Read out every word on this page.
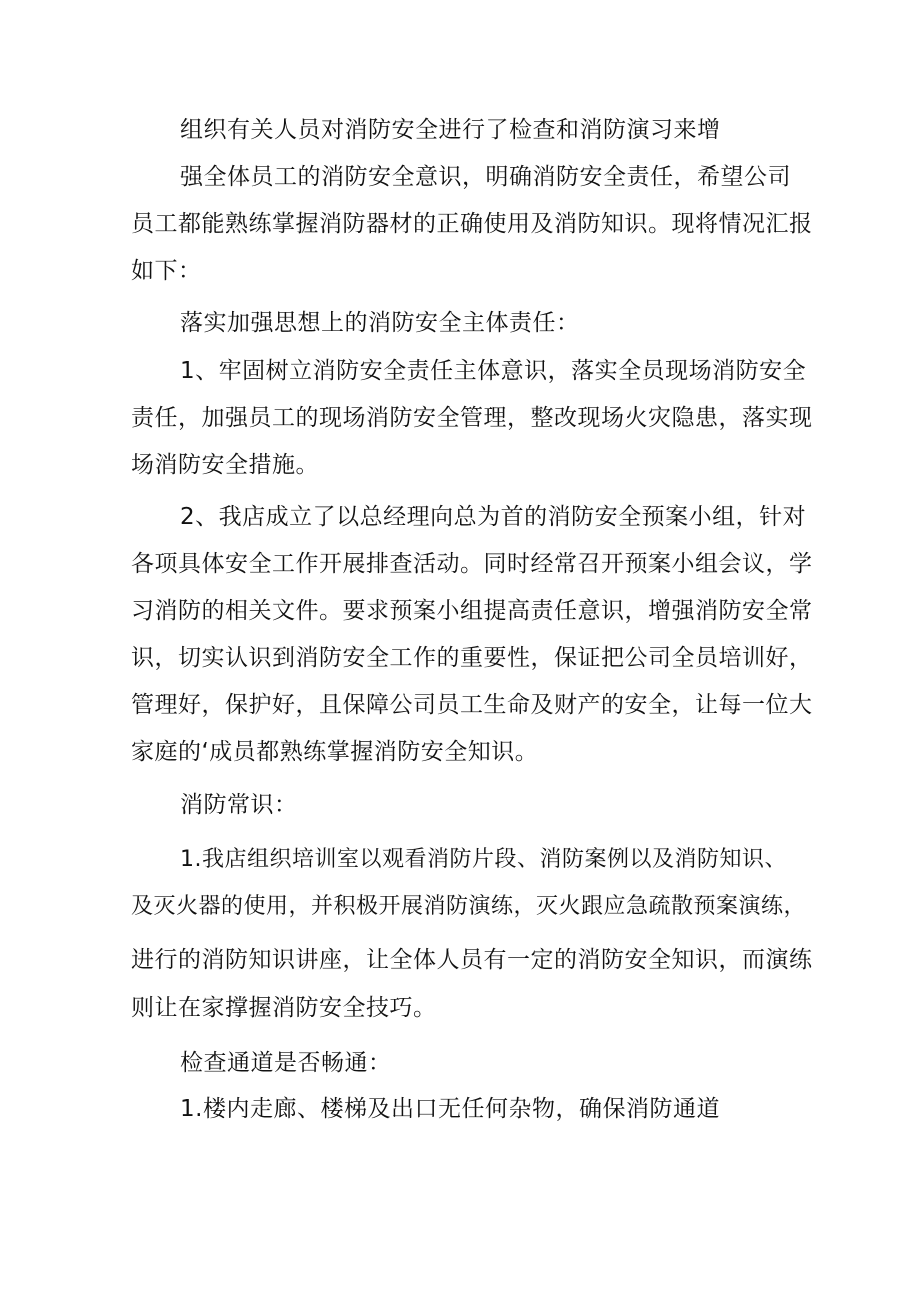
组织有关人员对消防安全进行了检查和消防演习来增
强全体员工的消防安全意识，明确消防安全责任，希望公司
员工都能熟练掌握消防器材的正确使用及消防知识。现将情况汇报
如下：
落实加强思想上的消防安全主体责任：
1、牢固树立消防安全责任主体意识，落实全员现场消防安全
责任，加强员工的现场消防安全管理，整改现场火灾隐患，落实现
场消防安全措施。
2、我店成立了以总经理向总为首的消防安全预案小组，针对
各项具体安全工作开展排查活动。同时经常召开预案小组会议，学
习消防的相关文件。要求预案小组提高责任意识，增强消防安全常
识，切实认识到消防安全工作的重要性，保证把公司全员培训好，
管理好，保护好，且保障公司员工生命及财产的安全，让每一位大
家庭的‘成员都熟练掌握消防安全知识。
消防常识：
1.我店组织培训室以观看消防片段、消防案例以及消防知识、
及灭火器的使用，并积极开展消防演练，灭火跟应急疏散预案演练，
进行的消防知识讲座，让全体人员有一定的消防安全知识，而演练
则让在家撑握消防安全技巧。
检查通道是否畅通：
1.楼内走廊、楼梯及出口无任何杂物，确保消防通道
